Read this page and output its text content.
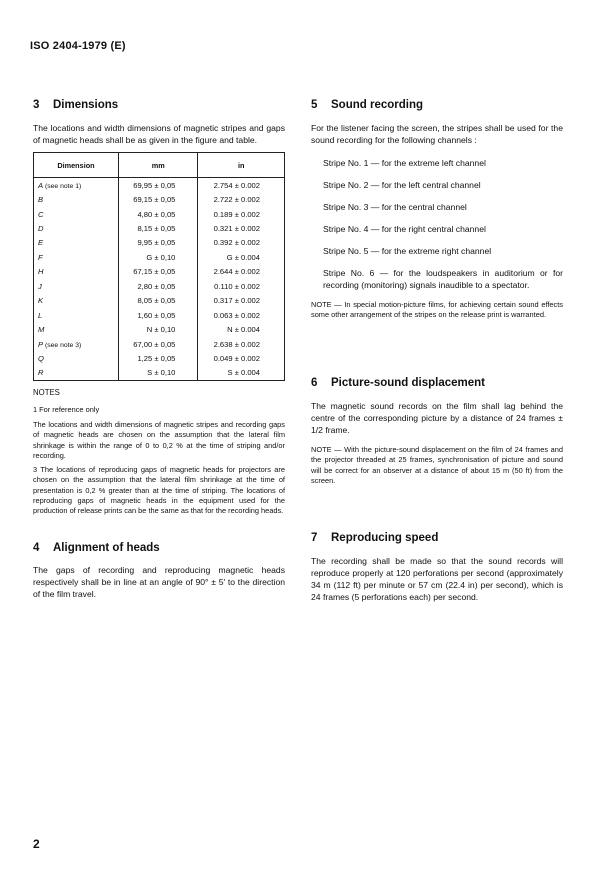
ISO 2404-1979 (E)
3 Dimensions
The locations and width dimensions of magnetic stripes and gaps of magnetic heads shall be as given in the figure and table.
Dimension	mm	in
A (see note 1)	69,95 ± 0,05	2.754 ± 0.002
B	69,15 ± 0,05	2.722 ± 0.002
C	4,80 ± 0,05	0.189 ± 0.002
D	8,15 ± 0,05	0.321 ± 0.002
E	9,95 ± 0,05	0.392 ± 0.002
F	G ± 0,10	G ± 0.004
H	67,15 ± 0,05	2.644 ± 0.002
J	2,80 ± 0,05	0.110 ± 0.002
K	8,05 ± 0,05	0.317 ± 0.002
L	1,60 ± 0,05	0.063 ± 0.002
M	N ± 0,10	N ± 0.004
P (see note 3)	67,00 ± 0,05	2.638 ± 0.002
Q	1,25 ± 0,05	0.049 ± 0.002
R	S ± 0,10	S ± 0.004
NOTES
1 For reference only
The locations and width dimensions of magnetic stripes and recording gaps of magnetic heads are chosen on the assumption that the lateral film shrinkage is within the range of 0 to 0,2 % at the time of striping and/or recording.
3 The locations of reproducing gaps of magnetic heads for projectors are chosen on the assumption that the lateral film shrinkage at the time of presentation is 0,2 % greater than at the time of striping. The locations of reproducing gaps of magnetic heads in the equipment used for the production of release prints can be the same as that for the recording heads.
4 Alignment of heads
The gaps of recording and reproducing magnetic heads respectively shall be in line at an angle of 90° ± 5′ to the direction of the film travel.
5 Sound recording
For the listener facing the screen, the stripes shall be used for the sound recording for the following channels :
Stripe No. 1 — for the extreme left channel
Stripe No. 2 — for the left central channel
Stripe No. 3 — for the central channel
Stripe No. 4 — for the right central channel
Stripe No. 5 — for the extreme right channel
Stripe No. 6 — for the loudspeakers in auditorium or for recording (monitoring) signals inaudible to a spectator.
NOTE — In special motion-picture films, for achieving certain sound effects some other arrangement of the stripes on the release print is warranted.
6 Picture-sound displacement
The magnetic sound records on the film shall lag behind the centre of the corresponding picture by a distance of 24 frames ± 1/2 frame.
NOTE — With the picture-sound displacement on the film of 24 frames and the projector threaded at 25 frames, synchronisation of picture and sound will be correct for an observer at a distance of about 15 m (50 ft) from the screen.
7 Reproducing speed
The recording shall be made so that the sound records will reproduce properly at 120 perforations per second (approximately 34 m (112 ft) per minute or 57 cm (22.4 in) per second), which is 24 frames (5 perforations each) per second.
2
